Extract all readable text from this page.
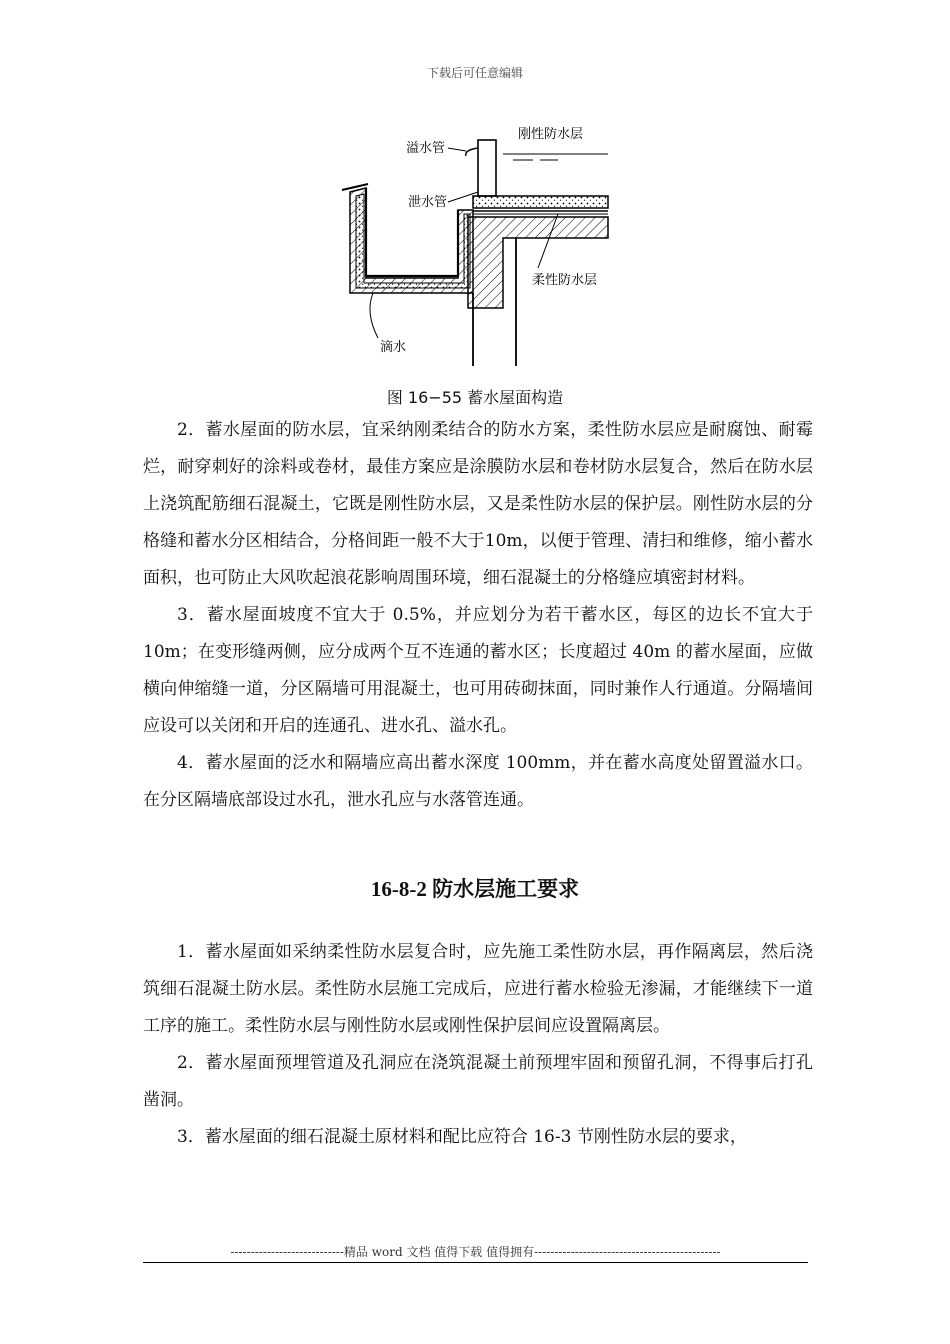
下载后可任意编辑
溢水管
刚性防水层
泄水管
柔性防水层
滴水
图 16−55 蓄水屋面构造

2．蓄水屋面的防水层，宜采纳刚柔结合的防水方案，柔性防水层应是耐腐蚀、耐霉烂，耐穿刺好的涂料或卷材，最佳方案应是涂膜防水层和卷材防水层复合，然后在防水层上浇筑配筋细石混凝土，它既是刚性防水层，又是柔性防水层的保护层。刚性防水层的分格缝和蓄水分区相结合，分格间距一般不大于10m，以便于管理、清扫和维修，缩小蓄水面积，也可防止大风吹起浪花影响周围环境，细石混凝土的分格缝应填密封材料。

3．蓄水屋面坡度不宜大于 0.5%，并应划分为若干蓄水区，每区的边长不宜大于 10m；在变形缝两侧，应分成两个互不连通的蓄水区；长度超过 40m 的蓄水屋面，应做横向伸缩缝一道，分区隔墙可用混凝土，也可用砖砌抹面，同时兼作人行通道。分隔墙间应设可以关闭和开启的连通孔、进水孔、溢水孔。

4．蓄水屋面的泛水和隔墙应高出蓄水深度 100mm，并在蓄水高度处留置溢水口。在分区隔墙底部设过水孔，泄水孔应与水落管连通。

16-8-2 防水层施工要求

1．蓄水屋面如采纳柔性防水层复合时，应先施工柔性防水层，再作隔离层，然后浇筑细石混凝土防水层。柔性防水层施工完成后，应进行蓄水检验无渗漏，才能继续下一道工序的施工。柔性防水层与刚性防水层或刚性保护层间应设置隔离层。

2．蓄水屋面预埋管道及孔洞应在浇筑混凝土前预埋牢固和预留孔洞，不得事后打孔凿洞。

3．蓄水屋面的细石混凝土原材料和配比应符合 16-3 节刚性防水层的要求，

----------------------------精品 word 文档 值得下载 值得拥有----------------------------------------------
